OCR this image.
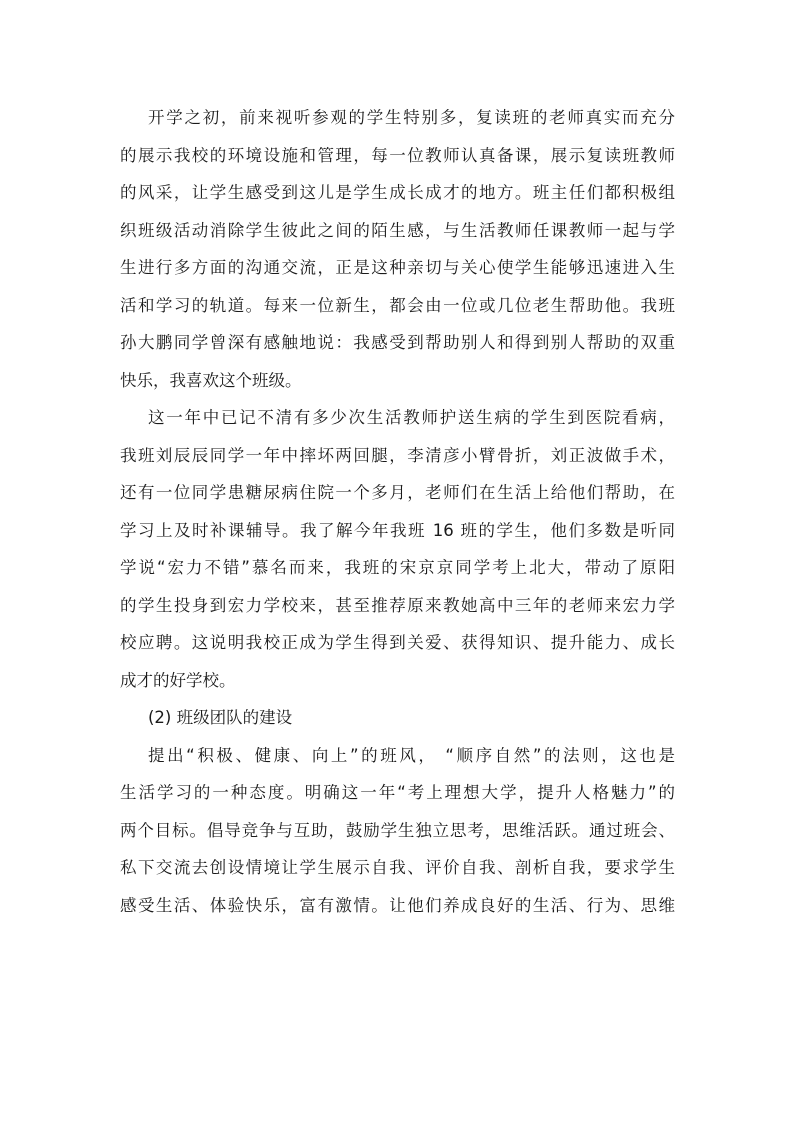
开学之初，前来视听参观的学生特别多，复读班的老师真实而充分
的展示我校的环境设施和管理，每一位教师认真备课，展示复读班教师
的风采，让学生感受到这儿是学生成长成才的地方。班主任们都积极组
织班级活动消除学生彼此之间的陌生感，与生活教师任课教师一起与学
生进行多方面的沟通交流，正是这种亲切与关心使学生能够迅速进入生
活和学习的轨道。每来一位新生，都会由一位或几位老生帮助他。我班
孙大鹏同学曾深有感触地说：我感受到帮助别人和得到别人帮助的双重
快乐，我喜欢这个班级。
这一年中已记不清有多少次生活教师护送生病的学生到医院看病，
我班刘辰辰同学一年中摔坏两回腿，李清彦小臂骨折，刘正波做手术，
还有一位同学患糖尿病住院一个多月，老师们在生活上给他们帮助，在
学习上及时补课辅导。我了解今年我班 16 班的学生，他们多数是听同
学说“宏力不错”慕名而来，我班的宋京京同学考上北大，带动了原阳
的学生投身到宏力学校来，甚至推荐原来教她高中三年的老师来宏力学
校应聘。这说明我校正成为学生得到关爱、获得知识、提升能力、成长
成才的好学校。
(2) 班级团队的建设
提出“积极、健康、向上”的班风， “顺序自然”的法则，这也是
生活学习的一种态度。明确这一年“考上理想大学，提升人格魅力”的
两个目标。倡导竞争与互助，鼓励学生独立思考，思维活跃。通过班会、
私下交流去创设情境让学生展示自我、评价自我、剖析自我，要求学生
感受生活、体验快乐，富有激情。让他们养成良好的生活、行为、思维
